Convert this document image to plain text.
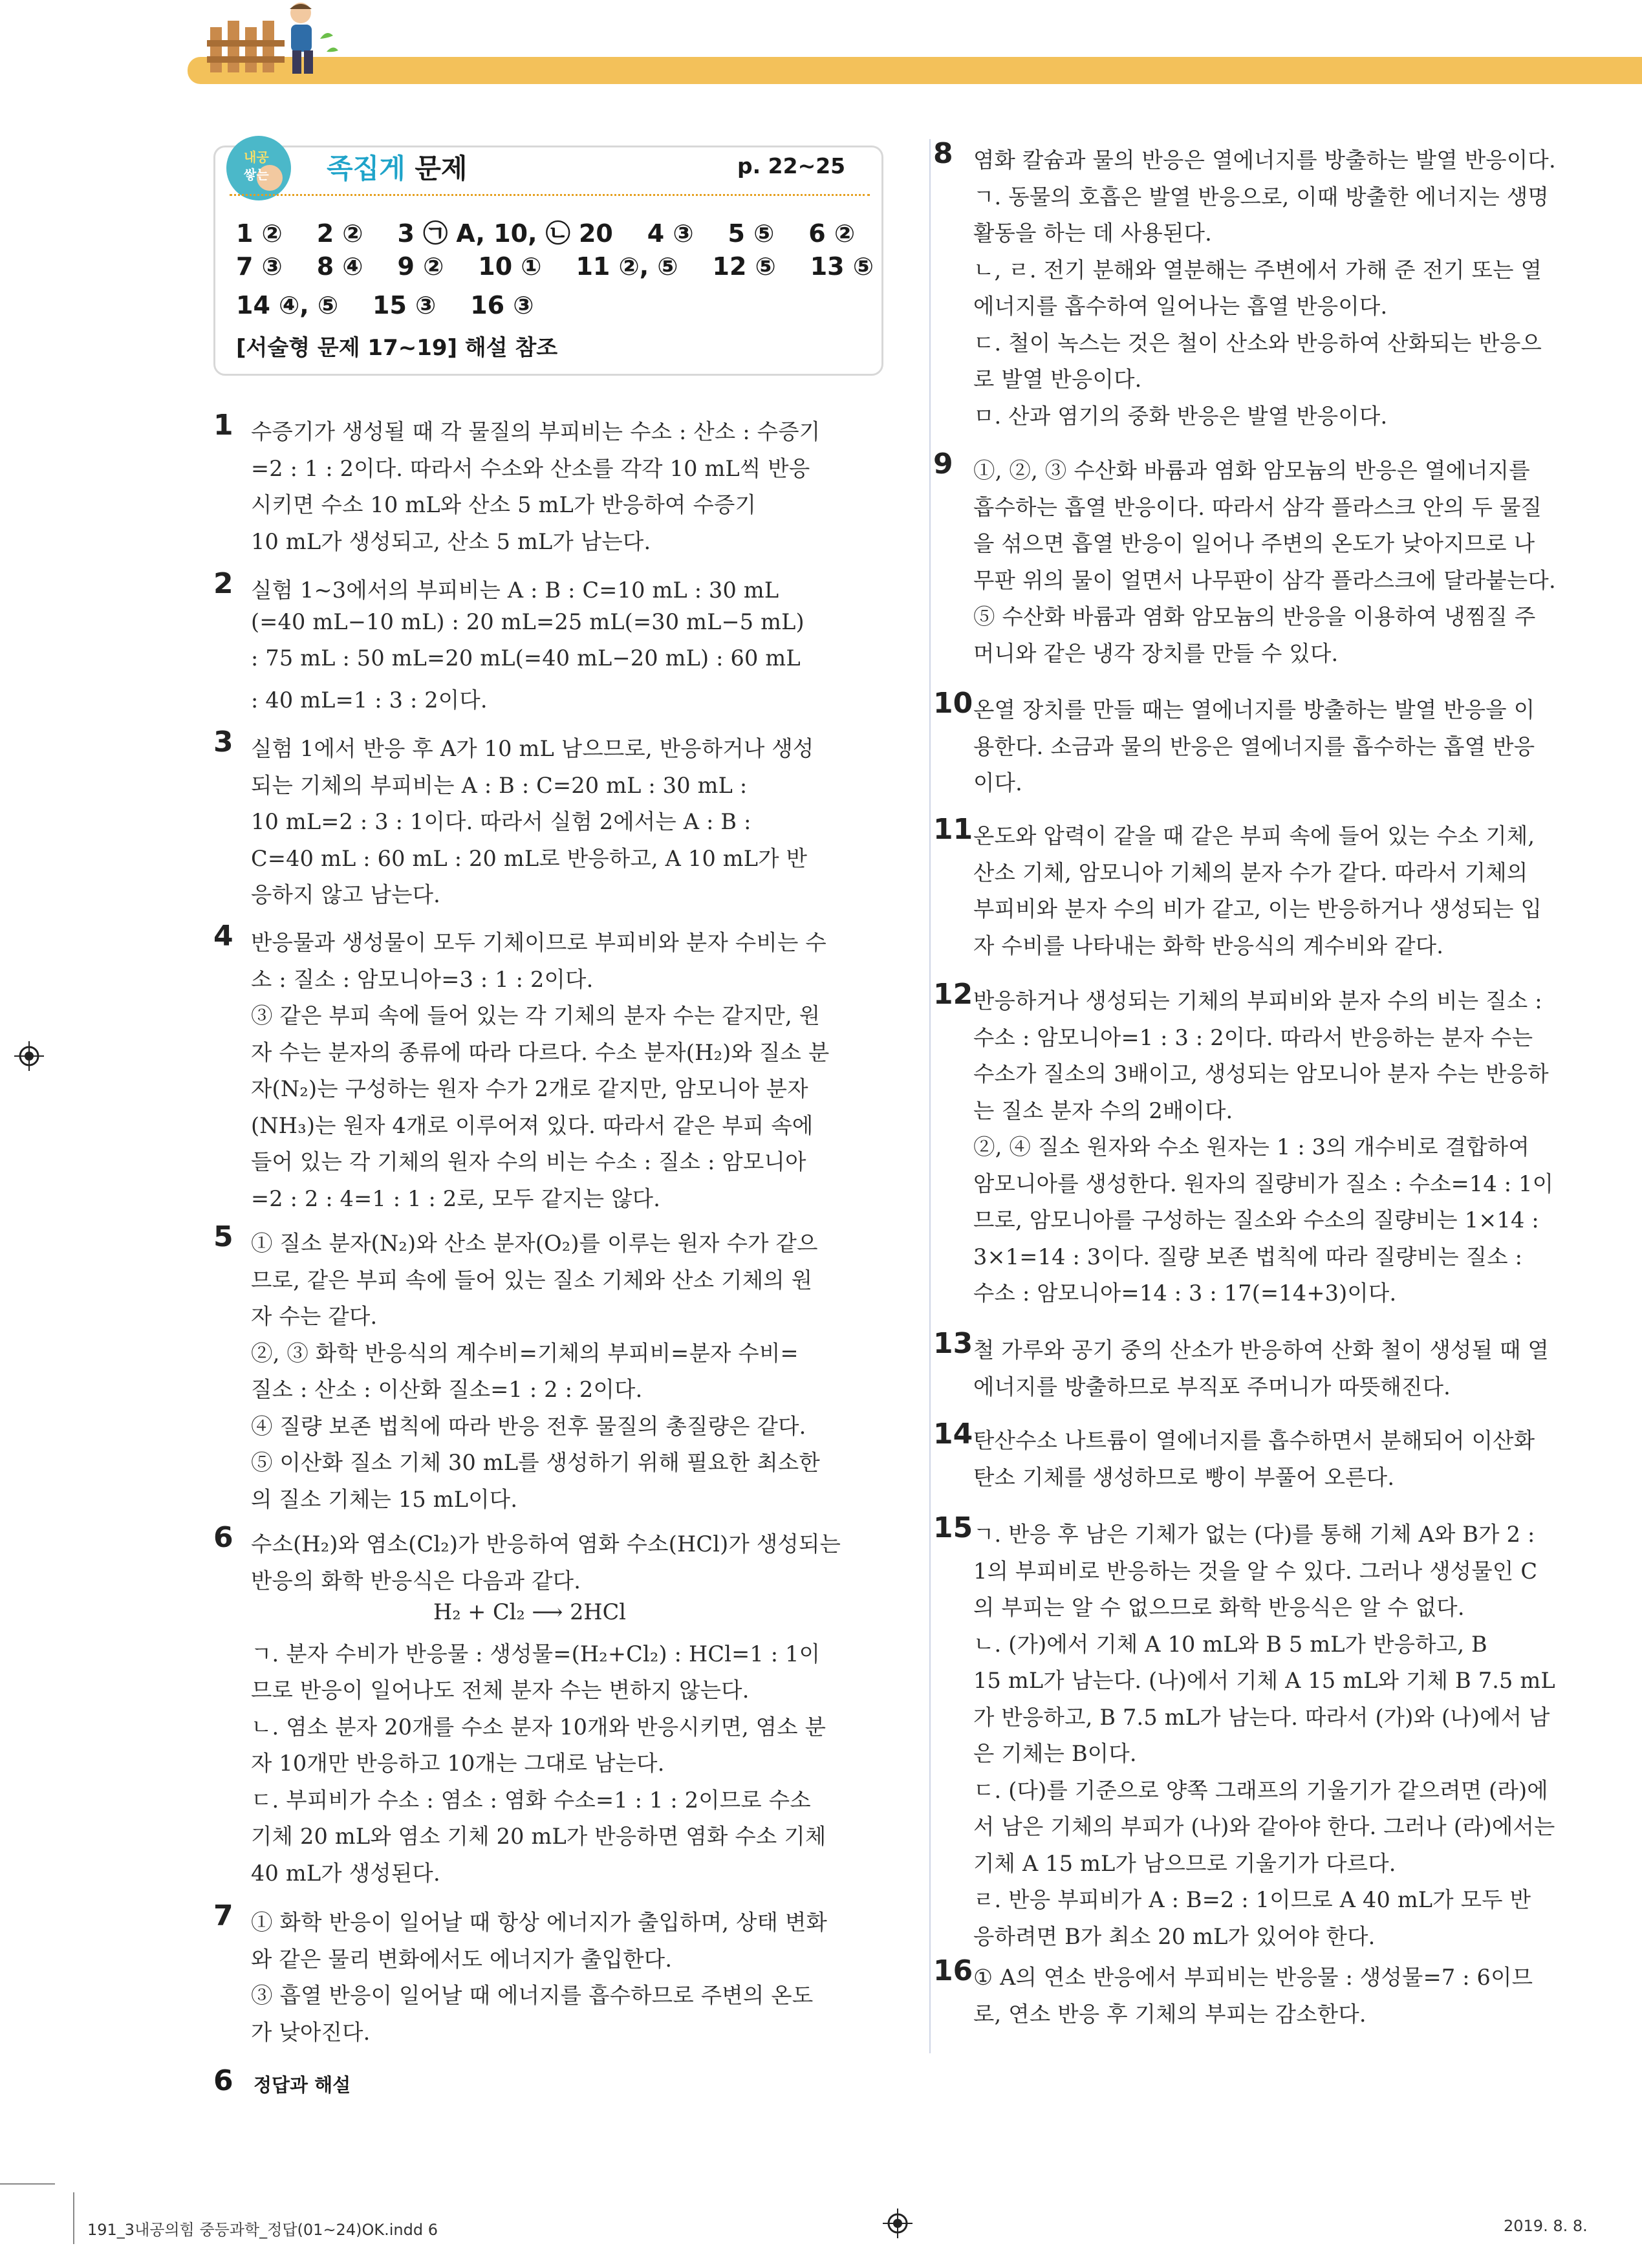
내공
쌓는 족집게 문제	p. 22~25
1 ②    2 ②    3 ㉠ A, 10, ㉡ 20    4 ③    5 ⑤    6 ②
7 ③    8 ④    9 ②    10 ①    11 ②, ⑤    12 ⑤    13 ⑤
14 ④, ⑤    15 ③    16 ③
[서술형 문제 17~19] 해설 참조
6 정답과 해설
191_3내공의힘 중등과학_정답(01~24)OK.indd 6	2019. 8. 8.
1 수증기가 생성될 때 각 물질의 부피비는 수소 : 산소 : 수증기
=2 : 1 : 2이다. 따라서 수소와 산소를 각각 10 mL씩 반응
시키면 수소 10 mL와 산소 5 mL가 반응하여 수증기
10 mL가 생성되고, 산소 5 mL가 남는다.
2 실험 1~3에서의 부피비는 A : B : C=10 mL : 30 mL
(=40 mL−10 mL) : 20 mL=25 mL(=30 mL−5 mL)
: 75 mL : 50 mL=20 mL(=40 mL−20 mL) : 60 mL
: 40 mL=1 : 3 : 2이다.
3 실험 1에서 반응 후 A가 10 mL 남으므로, 반응하거나 생성
되는 기체의 부피비는 A : B : C=20 mL : 30 mL :
10 mL=2 : 3 : 1이다. 따라서 실험 2에서는 A : B :
C=40 mL : 60 mL : 20 mL로 반응하고, A 10 mL가 반
응하지 않고 남는다.
4 반응물과 생성물이 모두 기체이므로 부피비와 분자 수비는 수
소 : 질소 : 암모니아=3 : 1 : 2이다.
③ 같은 부피 속에 들어 있는 각 기체의 분자 수는 같지만, 원
자 수는 분자의 종류에 따라 다르다. 수소 분자(H₂)와 질소 분
자(N₂)는 구성하는 원자 수가 2개로 같지만, 암모니아 분자
(NH₃)는 원자 4개로 이루어져 있다. 따라서 같은 부피 속에
들어 있는 각 기체의 원자 수의 비는 수소 : 질소 : 암모니아
=2 : 2 : 4=1 : 1 : 2로, 모두 같지는 않다.
5 ① 질소 분자(N₂)와 산소 분자(O₂)를 이루는 원자 수가 같으
므로, 같은 부피 속에 들어 있는 질소 기체와 산소 기체의 원
자 수는 같다.
②, ③ 화학 반응식의 계수비=기체의 부피비=분자 수비=
질소 : 산소 : 이산화 질소=1 : 2 : 2이다.
④ 질량 보존 법칙에 따라 반응 전후 물질의 총질량은 같다.
⑤ 이산화 질소 기체 30 mL를 생성하기 위해 필요한 최소한
의 질소 기체는 15 mL이다.
6 수소(H₂)와 염소(Cl₂)가 반응하여 염화 수소(HCl)가 생성되는
반응의 화학 반응식은 다음과 같다.
H₂ + Cl₂ ⟶ 2HCl
ㄱ. 분자 수비가 반응물 : 생성물=(H₂+Cl₂) : HCl=1 : 1이
므로 반응이 일어나도 전체 분자 수는 변하지 않는다.
ㄴ. 염소 분자 20개를 수소 분자 10개와 반응시키면, 염소 분
자 10개만 반응하고 10개는 그대로 남는다.
ㄷ. 부피비가 수소 : 염소 : 염화 수소=1 : 1 : 2이므로 수소
기체 20 mL와 염소 기체 20 mL가 반응하면 염화 수소 기체
40 mL가 생성된다.
7 ① 화학 반응이 일어날 때 항상 에너지가 출입하며, 상태 변화
와 같은 물리 변화에서도 에너지가 출입한다.
③ 흡열 반응이 일어날 때 에너지를 흡수하므로 주변의 온도
가 낮아진다.
8 염화 칼슘과 물의 반응은 열에너지를 방출하는 발열 반응이다.
ㄱ. 동물의 호흡은 발열 반응으로, 이때 방출한 에너지는 생명
활동을 하는 데 사용된다.
ㄴ, ㄹ. 전기 분해와 열분해는 주변에서 가해 준 전기 또는 열
에너지를 흡수하여 일어나는 흡열 반응이다.
ㄷ. 철이 녹스는 것은 철이 산소와 반응하여 산화되는 반응으
로 발열 반응이다.
ㅁ. 산과 염기의 중화 반응은 발열 반응이다.
9 ①, ②, ③ 수산화 바륨과 염화 암모늄의 반응은 열에너지를
흡수하는 흡열 반응이다. 따라서 삼각 플라스크 안의 두 물질
을 섞으면 흡열 반응이 일어나 주변의 온도가 낮아지므로 나
무판 위의 물이 얼면서 나무판이 삼각 플라스크에 달라붙는다.
⑤ 수산화 바륨과 염화 암모늄의 반응을 이용하여 냉찜질 주
머니와 같은 냉각 장치를 만들 수 있다.
10 온열 장치를 만들 때는 열에너지를 방출하는 발열 반응을 이
용한다. 소금과 물의 반응은 열에너지를 흡수하는 흡열 반응
이다.
11 온도와 압력이 같을 때 같은 부피 속에 들어 있는 수소 기체,
산소 기체, 암모니아 기체의 분자 수가 같다. 따라서 기체의
부피비와 분자 수의 비가 같고, 이는 반응하거나 생성되는 입
자 수비를 나타내는 화학 반응식의 계수비와 같다.
12 반응하거나 생성되는 기체의 부피비와 분자 수의 비는 질소 :
수소 : 암모니아=1 : 3 : 2이다. 따라서 반응하는 분자 수는
수소가 질소의 3배이고, 생성되는 암모니아 분자 수는 반응하
는 질소 분자 수의 2배이다.
②, ④ 질소 원자와 수소 원자는 1 : 3의 개수비로 결합하여
암모니아를 생성한다. 원자의 질량비가 질소 : 수소=14 : 1이
므로, 암모니아를 구성하는 질소와 수소의 질량비는 1×14 :
3×1=14 : 3이다. 질량 보존 법칙에 따라 질량비는 질소 :
수소 : 암모니아=14 : 3 : 17(=14+3)이다.
13 철 가루와 공기 중의 산소가 반응하여 산화 철이 생성될 때 열
에너지를 방출하므로 부직포 주머니가 따뜻해진다.
14 탄산수소 나트륨이 열에너지를 흡수하면서 분해되어 이산화
탄소 기체를 생성하므로 빵이 부풀어 오른다.
15 ㄱ. 반응 후 남은 기체가 없는 (다)를 통해 기체 A와 B가 2 :
1의 부피비로 반응하는 것을 알 수 있다. 그러나 생성물인 C
의 부피는 알 수 없으므로 화학 반응식은 알 수 없다.
ㄴ. (가)에서 기체 A 10 mL와 B 5 mL가 반응하고, B
15 mL가 남는다. (나)에서 기체 A 15 mL와 기체 B 7.5 mL
가 반응하고, B 7.5 mL가 남는다. 따라서 (가)와 (나)에서 남
은 기체는 B이다.
ㄷ. (다)를 기준으로 양쪽 그래프의 기울기가 같으려면 (라)에
서 남은 기체의 부피가 (나)와 같아야 한다. 그러나 (라)에서는
기체 A 15 mL가 남으므로 기울기가 다르다.
ㄹ. 반응 부피비가 A : B=2 : 1이므로 A 40 mL가 모두 반
응하려면 B가 최소 20 mL가 있어야 한다.
16 ① A의 연소 반응에서 부피비는 반응물 : 생성물=7 : 6이므
로, 연소 반응 후 기체의 부피는 감소한다.
